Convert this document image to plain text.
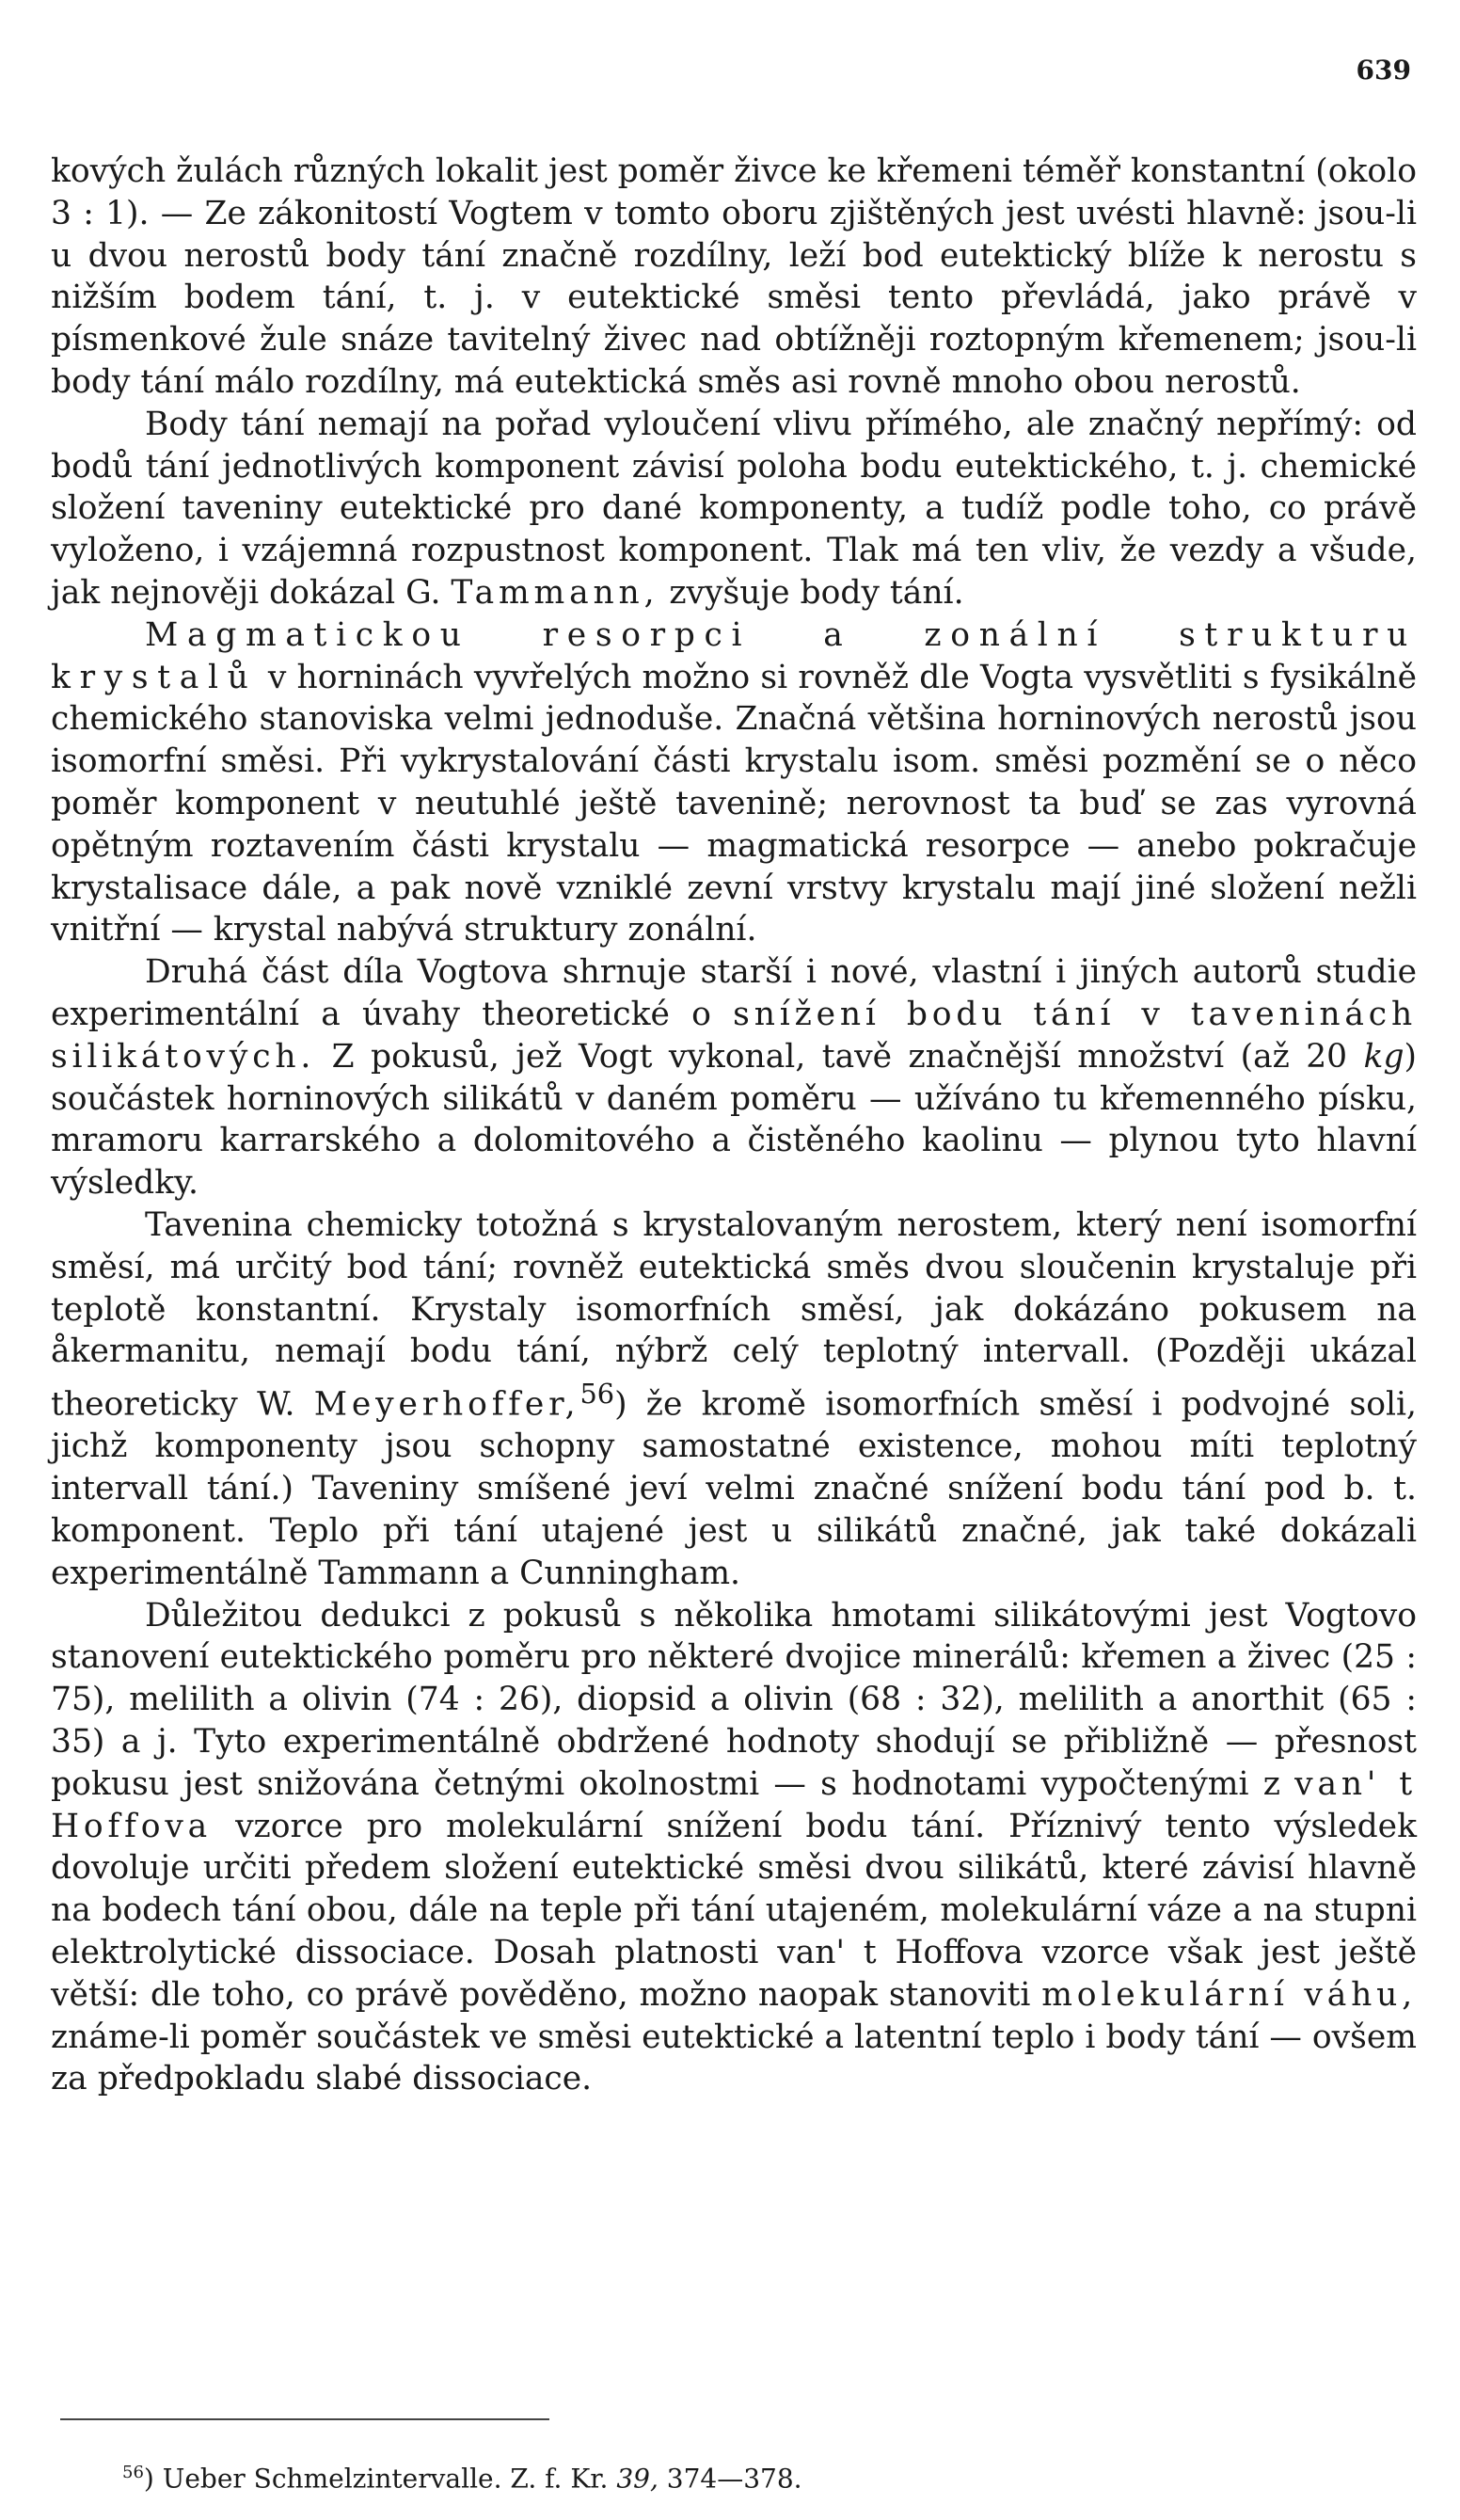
639

kových žulách různých lokalit jest poměr živce ke křemeni téměř konstantní (okolo 3 : 1). — Ze zákonitostí Vogtem v tomto oboru zjištěných jest uvésti hlavně: jsou-li u dvou nerostů body tání značně rozdílny, leží bod eutektický blíže k nerostu s nižším bodem tání, t. j. v eutektické směsi tento převládá, jako právě v písmenkové žule snáze tavitelný živec nad obtížněji roztopným křemenem; jsou-li body tání málo rozdílny, má eutektická směs asi rovně mnoho obou nerostů.

Body tání nemají na pořad vyloučení vlivu přímého, ale značný nepřímý: od bodů tání jednotlivých komponent závisí poloha bodu eutektického, t. j. chemické složení taveniny eutektické pro dané komponenty, a tudíž podle toho, co právě vyloženo, i vzájemná rozpustnost komponent. Tlak má ten vliv, že vezdy a všude, jak nejnověji dokázal G. Tammann, zvyšuje body tání.

Magmatickou resorpci a zonální strukturu krystalů v horninách vyvřelých možno si rovněž dle Vogta vysvětliti s fysikálně chemického stanoviska velmi jednoduše. Značná většina horninových nerostů jsou isomorfní směsi. Při vykrystalování části krystalu isom. směsi pozmění se o něco poměr komponent v neutuhlé ještě tavenině; nerovnost ta buď se zas vyrovná opětným roztavením části krystalu — magmatická resorpce — anebo pokračuje krystalisace dále, a pak nově vzniklé zevní vrstvy krystalu mají jiné složení nežli vnitřní — krystal nabývá struktury zonální.

Druhá část díla Vogtova shrnuje starší i nové, vlastní i jiných autorů studie experimentální a úvahy theoretické o snížení bodu tání v taveninách silikátových. Z pokusů, jež Vogt vykonal, tavě značnější množství (až 20 kg) součástek horninových silikátů v daném poměru — užíváno tu křemenného písku, mramoru karrarského a dolomitového a čistěného kaolinu — plynou tyto hlavní výsledky.

Tavenina chemicky totožná s krystalovaným nerostem, který není isomorfní směsí, má určitý bod tání; rovněž eutektická směs dvou sloučenin krystaluje při teplotě konstantní. Krystaly isomorfních směsí, jak dokázáno pokusem na åkermanitu, nemají bodu tání, nýbrž celý teplotný intervall. (Později ukázal theoreticky W. Meyerhoffer,$^{56}$) že kromě isomorfních směsí i podvojné soli, jichž komponenty jsou schopny samostatné existence, mohou míti teplotný intervall tání.) Taveniny smíšené jeví velmi značné snížení bodu tání pod b. t. komponent. Teplo při tání utajené jest u silikátů značné, jak také dokázali experimentálně Tammann a Cunningham.

Důležitou dedukci z pokusů s několika hmotami silikátovými jest Vogtovo stanovení eutektického poměru pro některé dvojice minerálů: křemen a živec (25 : 75), melilith a olivin (74 : 26), diopsid a olivin (68 : 32), melilith a anorthit (65 : 35) a j. Tyto experimentálně obdržené hodnoty shodují se přibližně — přesnost pokusu jest snižována četnými okolnostmi — s hodnotami vypočtenými z van' t Hoffova vzorce pro molekulární snížení bodu tání. Příznivý tento výsledek dovoluje určiti předem složení eutektické směsi dvou silikátů, které závisí hlavně na bodech tání obou, dále na teple při tání utajeném, molekulární váze a na stupni elektrolytické dissociace. Dosah platnosti van' t Hoffova vzorce však jest ještě větší: dle toho, co právě pověděno, možno naopak stanoviti molekulární váhu, známe-li poměr součástek ve směsi eutektické a latentní teplo i body tání — ovšem za předpokladu slabé dissociace.

$^{56}$) Ueber Schmelzintervalle. Z. f. Kr. 39, 374—378.
